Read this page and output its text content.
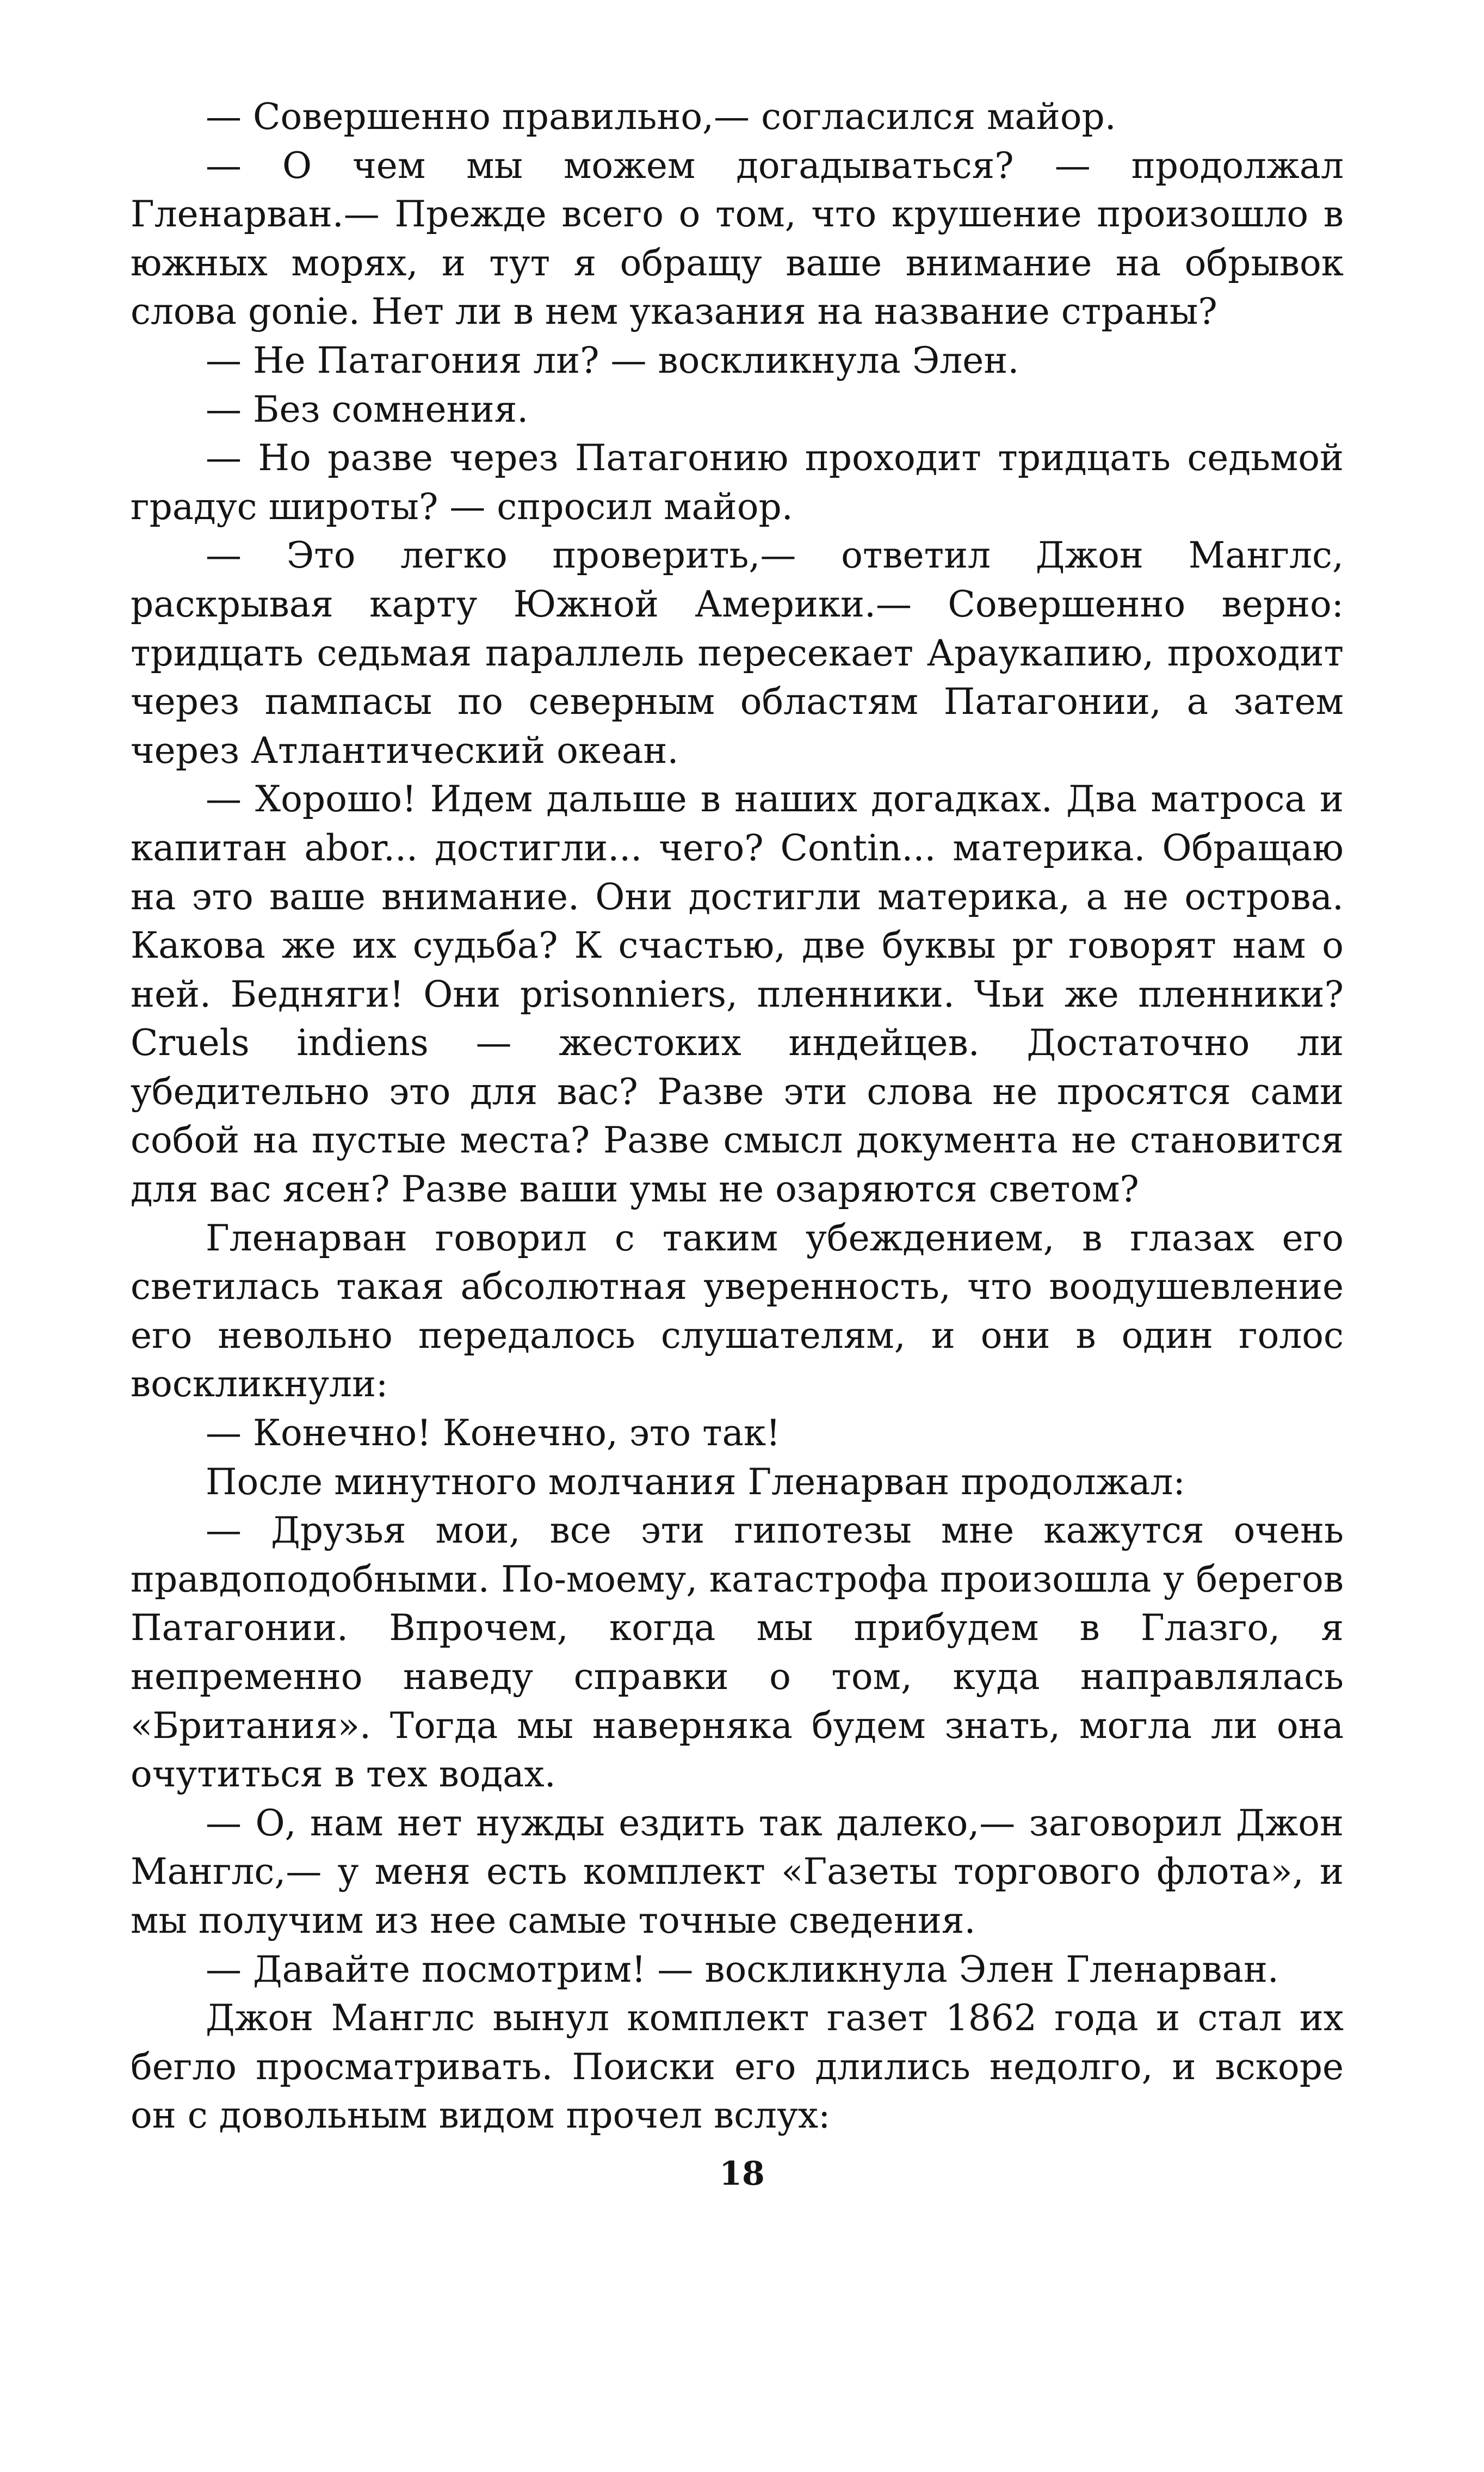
— Совершенно правильно,— согласился майор.

— О чем мы можем догадываться? — продолжал Гленарван.— Прежде всего о том, что крушение произошло в южных морях, и тут я обращу ваше внимание на обрывок слова gonie. Нет ли в нем указания на название страны?

— Не Патагония ли? — воскликнула Элен.

— Без сомнения.

— Но разве через Патагонию проходит тридцать седьмой градус широты? — спросил майор.

— Это легко проверить,— ответил Джон Манглс, раскрывая карту Южной Америки.— Совершенно верно: тридцать седьмая параллель пересекает Араукапию, проходит через пампасы по северным областям Патагонии, а затем через Атлантический океан.

— Хорошо! Идем дальше в наших догадках. Два матроса и капитан abor... достигли... чего? Contin... материка. Обращаю на это ваше внимание. Они достигли материка, а не острова. Какова же их судьба? К счастью, две буквы pr говорят нам о ней. Бедняги! Они prisonniers, пленники. Чьи же пленники? Cruels indiens — жестоких индейцев. Достаточно ли убедительно это для вас? Разве эти слова не просятся сами собой на пустые места? Разве смысл документа не становится для вас ясен? Разве ваши умы не озаряются светом?

Гленарван говорил с таким убеждением, в глазах его светилась такая абсолютная уверенность, что воодушевление его невольно передалось слушателям, и они в один голос воскликнули:

— Конечно! Конечно, это так!

После минутного молчания Гленарван продолжал:

— Друзья мои, все эти гипотезы мне кажутся очень правдоподобными. По-моему, катастрофа произошла у берегов Патагонии. Впрочем, когда мы прибудем в Глазго, я непременно наведу справки о том, куда направлялась «Британия». Тогда мы наверняка будем знать, могла ли она очутиться в тех водах.

— О, нам нет нужды ездить так далеко,— заговорил Джон Манглс,— у меня есть комплект «Газеты торгового флота», и мы получим из нее самые точные сведения.

— Давайте посмотрим! — воскликнула Элен Гленарван.

Джон Манглс вынул комплект газет 1862 года и стал их бегло просматривать. Поиски его длились недолго, и вскоре он с довольным видом прочел вслух:

18
